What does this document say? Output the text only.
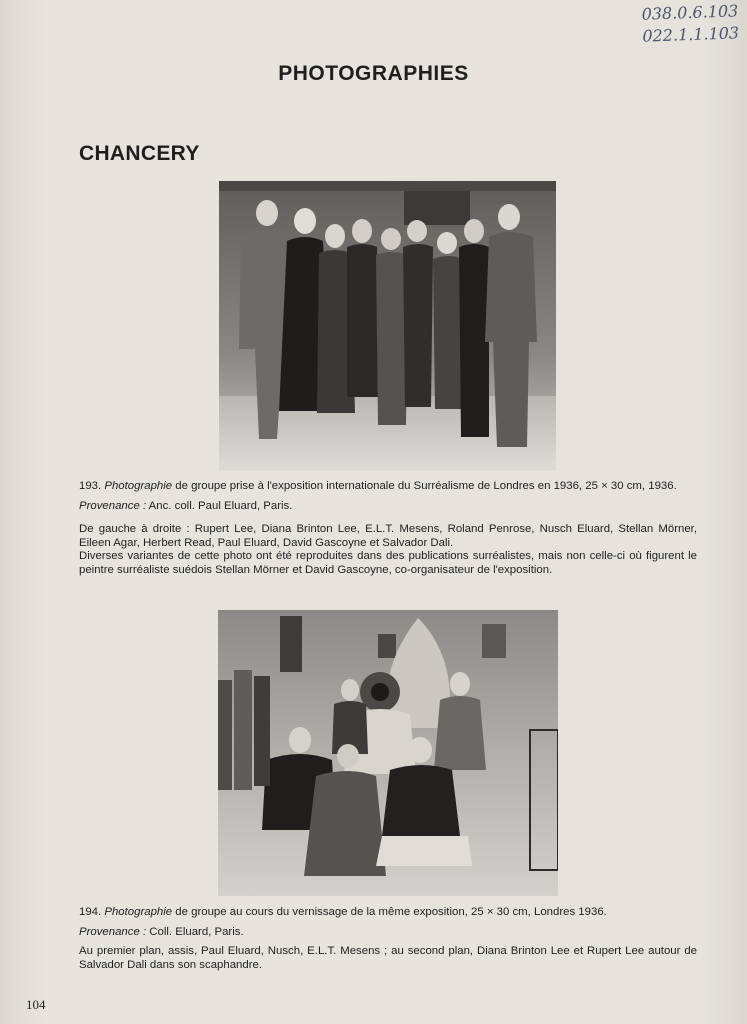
038.0.6.103
022.1.1.103
PHOTOGRAPHIES
CHANCERY

193. Photographie de groupe prise à l'exposition internationale du Surréalisme de Londres en 1936, 25 × 30 cm, 1936.

Provenance : Anc. coll. Paul Eluard, Paris.

De gauche à droite : Rupert Lee, Diana Brinton Lee, E.L.T. Mesens, Roland Penrose, Nusch Eluard, Stellan Mörner, Eileen Agar, Herbert Read, Paul Eluard, David Gascoyne et Salvador Dali.

Diverses variantes de cette photo ont été reproduites dans des publications surréalistes, mais non celle-ci où figurent le peintre surréaliste suédois Stellan Mörner et David Gascoyne, co-organisateur de l'exposition.

194. Photographie de groupe au cours du vernissage de la même exposition, 25 × 30 cm, Londres 1936.

Provenance : Coll. Eluard, Paris.

Au premier plan, assis, Paul Eluard, Nusch, E.L.T. Mesens ; au second plan, Diana Brinton Lee et Rupert Lee autour de Salvador Dali dans son scaphandre.

104
